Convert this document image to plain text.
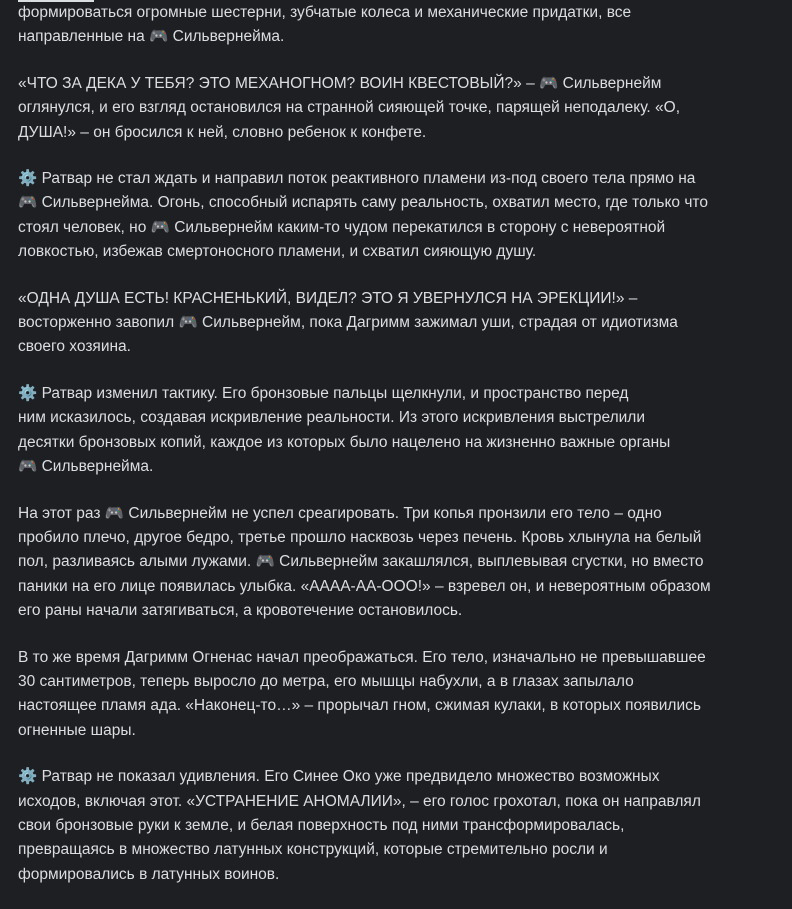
формироваться огромные шестерни, зубчатые колеса и механические придатки, все
направленные на 🎮 Сильвернейма.

«ЧТО ЗА ДЕКА У ТЕБЯ? ЭТО МЕХАНОГНОМ? ВОИН КВЕСТОВЫЙ?» – 🎮 Сильвернейм
оглянулся, и его взгляд остановился на странной сияющей точке, парящей неподалеку. «О,
ДУША!» – он бросился к ней, словно ребенок к конфете.

⚙️ Ратвар не стал ждать и направил поток реактивного пламени из-под своего тела прямо на
🎮 Сильвернейма. Огонь, способный испарять саму реальность, охватил место, где только что
стоял человек, но 🎮 Сильвернейм каким-то чудом перекатился в сторону с невероятной
ловкостью, избежав смертоносного пламени, и схватил сияющую душу.

«ОДНА ДУША ЕСТЬ! КРАСНЕНЬКИЙ, ВИДЕЛ? ЭТО Я УВЕРНУЛСЯ НА ЭРЕКЦИИ!» –
восторженно завопил 🎮 Сильвернейм, пока Дагримм зажимал уши, страдая от идиотизма
своего хозяина.

⚙️ Ратвар изменил тактику. Его бронзовые пальцы щелкнули, и пространство перед
ним исказилось, создавая искривление реальности. Из этого искривления выстрелили
десятки бронзовых копий, каждое из которых было нацелено на жизненно важные органы
🎮 Сильвернейма.

На этот раз 🎮 Сильвернейм не успел среагировать. Три копья пронзили его тело – одно
пробило плечо, другое бедро, третье прошло насквозь через печень. Кровь хлынула на белый
пол, разливаясь алыми лужами. 🎮 Сильвернейм закашлялся, выплевывая сгустки, но вместо
паники на его лице появилась улыбка. «АААА-АА-ООО!» – взревел он, и невероятным образом
его раны начали затягиваться, а кровотечение остановилось.

В то же время Дагримм Огненас начал преображаться. Его тело, изначально не превышавшее
30 сантиметров, теперь выросло до метра, его мышцы набухли, а в глазах запылало
настоящее пламя ада. «Наконец-то…» – прорычал гном, сжимая кулаки, в которых появились
огненные шары.

⚙️ Ратвар не показал удивления. Его Синее Око уже предвидело множество возможных
исходов, включая этот. «УСТРАНЕНИЕ АНОМАЛИИ», – его голос грохотал, пока он направлял
свои бронзовые руки к земле, и белая поверхность под ними трансформировалась,
превращаясь в множество латунных конструкций, которые стремительно росли и
формировались в латунных воинов.
